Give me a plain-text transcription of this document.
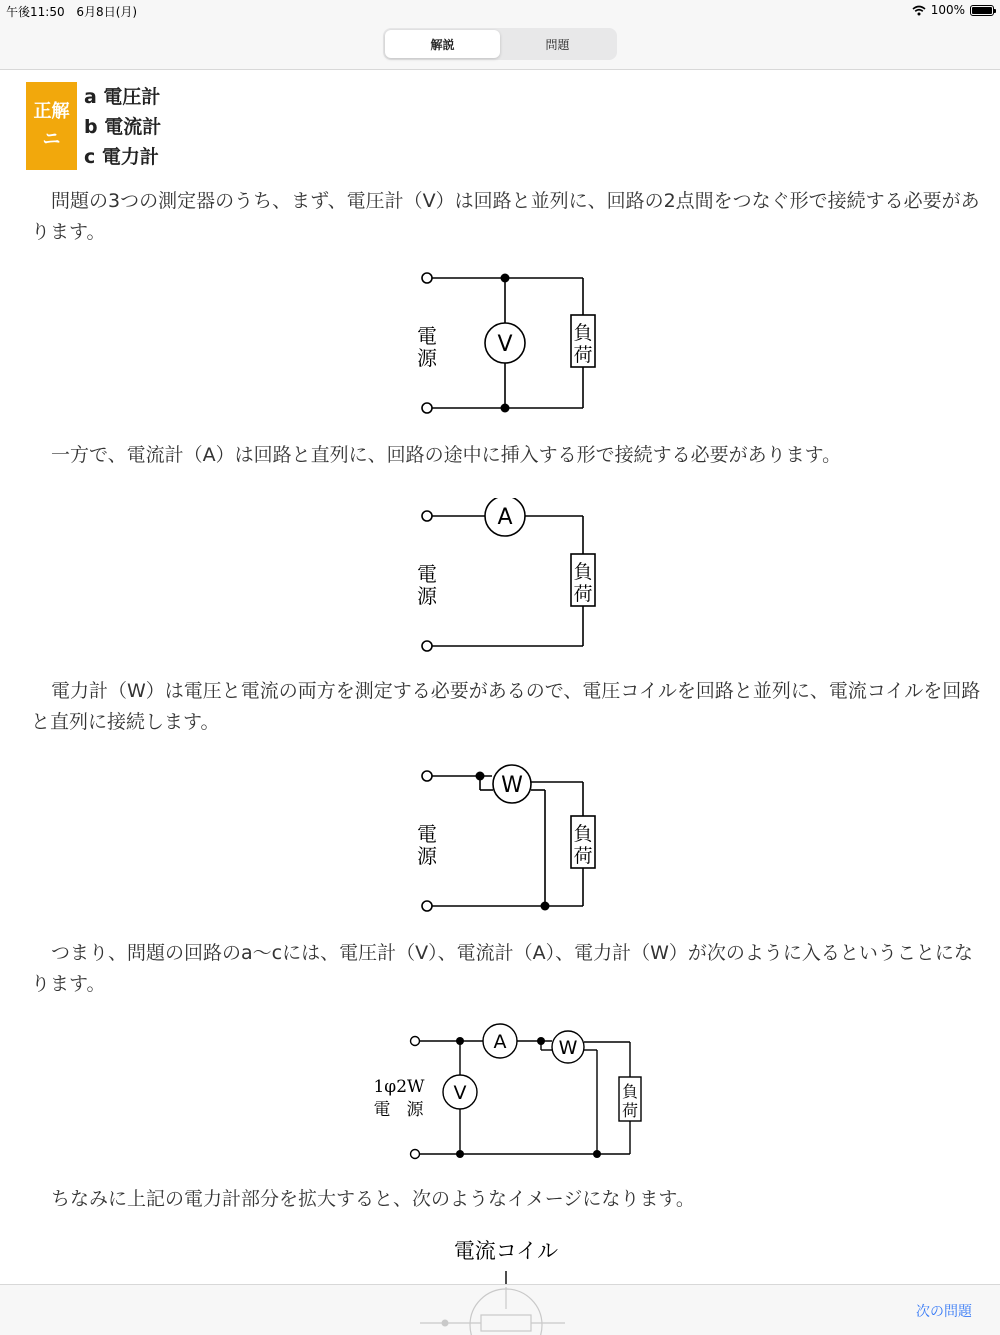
午後11:50 6月8日(月)	100%
解説	問題
正解
ニ
a 電圧計
b 電流計
c 電力計
問題の3つの測定器のうち、まず、電圧計（V）は回路と並列に、回路の2点間をつなぐ形で接続する必要があります。
V
電
源
負
荷
一方で、電流計（A）は回路と直列に、回路の途中に挿入する形で接続する必要があります。
A
電
源
負
荷
電力計（W）は電圧と電流の両方を測定する必要があるので、電圧コイルを回路と並列に、電流コイルを回路と直列に接続します。
W
電
源
負
荷
つまり、問題の回路のa〜cには、電圧計（V）、電流計（A）、電力計（W）が次のように入るということになります。
A	W
V
1φ2W
電 源
負
荷
ちなみに上記の電力計部分を拡大すると、次のようなイメージになります。
電流コイル
次の問題
